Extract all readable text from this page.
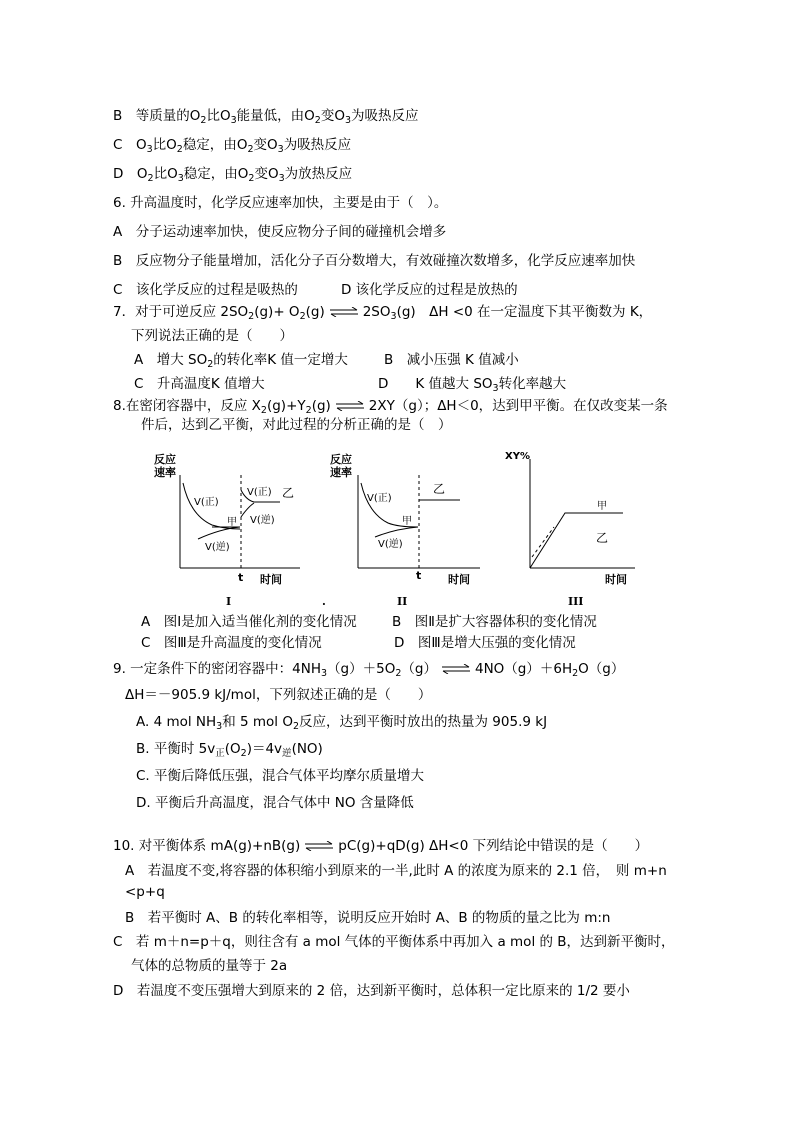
B　等质量的$O_2$比$O_3$能量低，由$O_2$变$O_3$为吸热反应
C　$O_3$比$O_2$稳定，由$O_2$变$O_3$为吸热反应
D　$O_2$比$O_3$稳定，由$O_2$变$O_3$为放热反应
6. 升高温度时，化学反应速率加快，主要是由于（　）。
A　分子运动速率加快，使反应物分子间的碰撞机会增多
B　反应物分子能量增加，活化分子百分数增大，有效碰撞次数增多，化学反应速率加快
C　该化学反应的过程是吸热的	D 该化学反应的过程是放热的
7．对于可逆反应 $2SO_2(g)+ O_2(g)$ ⇌ $2SO_3(g)$　ΔH <0 在一定温度下其平衡数为 K，
下列说法正确的是（　　）
A　增大 $SO_2$的转化率K 值一定增大	B　减小压强 K 值减小
C　升高温度K 值增大	D　　K 值越大 $SO_3$转化率越大
8.在密闭容器中，反应 $X_2(g)+Y_2(g)$ ⇌ 2XY（g）；ΔH＜0，达到甲平衡。在仅改变某一条
件后，达到乙平衡，对此过程的分析正确的是（　）
反应
速率
V(正)
V(逆)
甲
V(正)
V(逆)
乙
t 时间
I	.
反应
速率
V(正)
V(逆)
甲
乙
t 时间
II
XY%
甲
乙
时间
III
A　图Ⅰ是加入适当催化剂的变化情况	B　图Ⅱ是扩大容器体积的变化情况
C　图Ⅲ是升高温度的变化情况	D　图Ⅲ是增大压强的变化情况
9. 一定条件下的密闭容器中：$4NH_3(g)+5O_2(g)$ ⇌ $4NO(g)+6H_2O(g)$
ΔH＝－905.9 kJ/mol，下列叙述正确的是（　　）
A. 4 mol $NH_3$和 5 mol $O_2$反应，达到平衡时放出的热量为 905.9 kJ
B. 平衡时 $5v_正(O_2)=4v_逆(NO)$
C. 平衡后降低压强，混合气体平均摩尔质量增大
D. 平衡后升高温度，混合气体中 NO 含量降低
10. 对平衡体系 mA(g)+nB(g) ⇌ pC(g)+qD(g) ΔH<0 下列结论中错误的是（　　）
A　若温度不变,将容器的体积缩小到原来的一半,此时 A 的浓度为原来的 2.1 倍，　则 m+n
<p+q
B　若平衡时 A、B 的转化率相等，说明反应开始时 A、B 的物质的量之比为 m:n
C　若 m＋n=p＋q，则往含有 a mol 气体的平衡体系中再加入 a mol 的 B，达到新平衡时，
气体的总物质的量等于 2a
D　若温度不变压强增大到原来的 2 倍，达到新平衡时，总体积一定比原来的 1/2 要小
